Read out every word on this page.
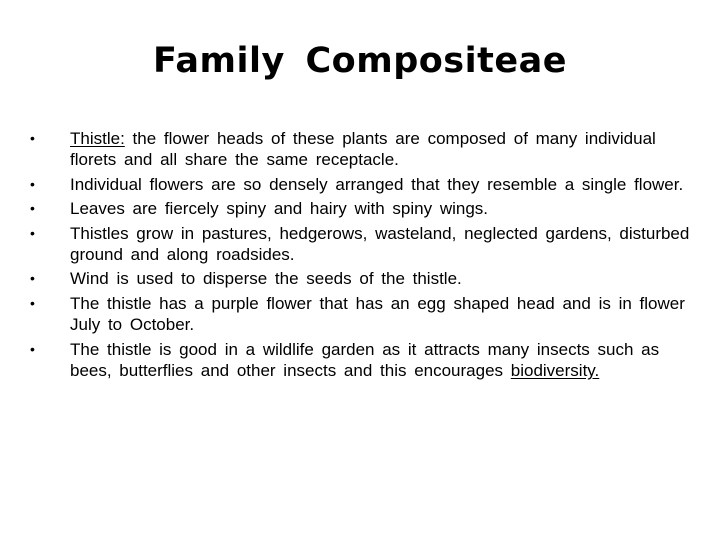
Family Compositeae
• Thistle: the flower heads of these plants are composed of many individual florets and all share the same receptacle.
• Individual flowers are so densely arranged that they resemble a single flower.
• Leaves are fiercely spiny and hairy with spiny wings.
• Thistles grow in pastures, hedgerows, wasteland, neglected gardens, disturbed ground and along roadsides.
• Wind is used to disperse the seeds of the thistle.
• The thistle has a purple flower that has an egg shaped head and is in flower July to October.
• The thistle is good in a wildlife garden as it attracts many insects such as bees, butterflies and other insects and this encourages biodiversity.
